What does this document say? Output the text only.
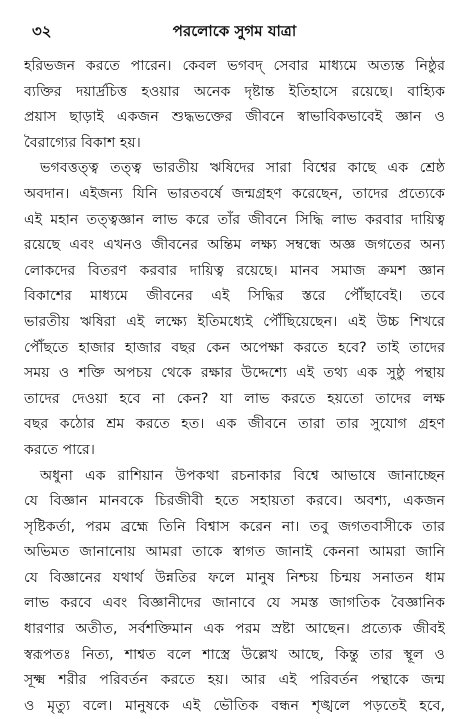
৩২	পরলোকে সুগম যাত্রা
হরিভজন করতে পারেন। কেবল ভগবদ্ সেবার মাধ্যমে অত্যন্ত নিষ্ঠুর
ব্যক্তির দয়ার্দ্রচিত্ত হওয়ার অনেক দৃষ্টান্ত ইতিহাসে রয়েছে। বাহ্যিক
প্রয়াস ছাড়াই একজন শুদ্ধভক্তের জীবনে স্বাভাবিকভাবেই জ্ঞান ও
বৈরাগ্যের বিকাশ হয়।
ভগবত্তত্ত্ব তত্ত্ব ভারতীয় ঋষিদের সারা বিশ্বের কাছে এক শ্রেষ্ঠ
অবদান। এইজন্য যিনি ভারতবর্ষে জন্মগ্রহণ করেছেন, তাদের প্রত্যেকে
এই মহান তত্ত্বজ্ঞান লাভ করে তাঁর জীবনে সিদ্ধি লাভ করবার দায়িত্ব
রয়েছে এবং এখনও জীবনের অন্তিম লক্ষ্য সম্বন্ধে অজ্ঞ জগতের অন্য
লোকদের বিতরণ করবার দায়িত্ব রয়েছে। মানব সমাজ ক্রমশ জ্ঞান
বিকাশের মাধ্যমে জীবনের এই সিদ্ধির স্তরে পৌঁছাবেই। তবে
ভারতীয় ঋষিরা এই লক্ষ্যে ইতিমধ্যেই পৌঁছিয়েছেন। এই উচ্চ শিখরে
পৌঁছতে হাজার হাজার বছর কেন অপেক্ষা করতে হবে? তাই তাদের
সময় ও শক্তি অপচয় থেকে রক্ষার উদ্দেশ্যে এই তথ্য এক সুষ্ঠু পন্থায়
তাদের দেওয়া হবে না কেন? যা লাভ করতে হয়তো তাদের লক্ষ
বছর কঠোর শ্রম করতে হত। এক জীবনে তারা তার সুযোগ গ্রহণ
করতে পারে।
অধুনা এক রাশিয়ান উপকথা রচনাকার বিশ্বে আভাষে জানাচ্ছেন
যে বিজ্ঞান মানবকে চিরজীবী হতে সহায়তা করবে। অবশ্য, একজন
সৃষ্টিকর্তা, পরম ব্রহ্মে তিনি বিশ্বাস করেন না। তবু জগতবাসীকে তার
অভিমত জানানোয় আমরা তাকে স্বাগত জানাই কেননা আমরা জানি
যে বিজ্ঞানের যথার্থ উন্নতির ফলে মানুষ নিশ্চয় চিন্ময় সনাতন ধাম
লাভ করবে এবং বিজ্ঞানীদের জানাবে যে সমস্ত জাগতিক বৈজ্ঞানিক
ধারণার অতীত, সর্বশক্তিমান এক পরম স্রষ্টা আছেন। প্রত্যেক জীবই
স্বরূপতঃ নিত্য, শাশ্বত বলে শাস্ত্রে উল্লেখ আছে, কিন্তু তার স্থূল ও
সূক্ষ্ম শরীর পরিবর্তন করতে হয়। আর এই পরিবর্তন পন্থাকে জন্ম
ও মৃত্যু বলে। মানুষকে এই ভৌতিক বন্ধন শৃঙ্খলে পড়তেই হবে,
